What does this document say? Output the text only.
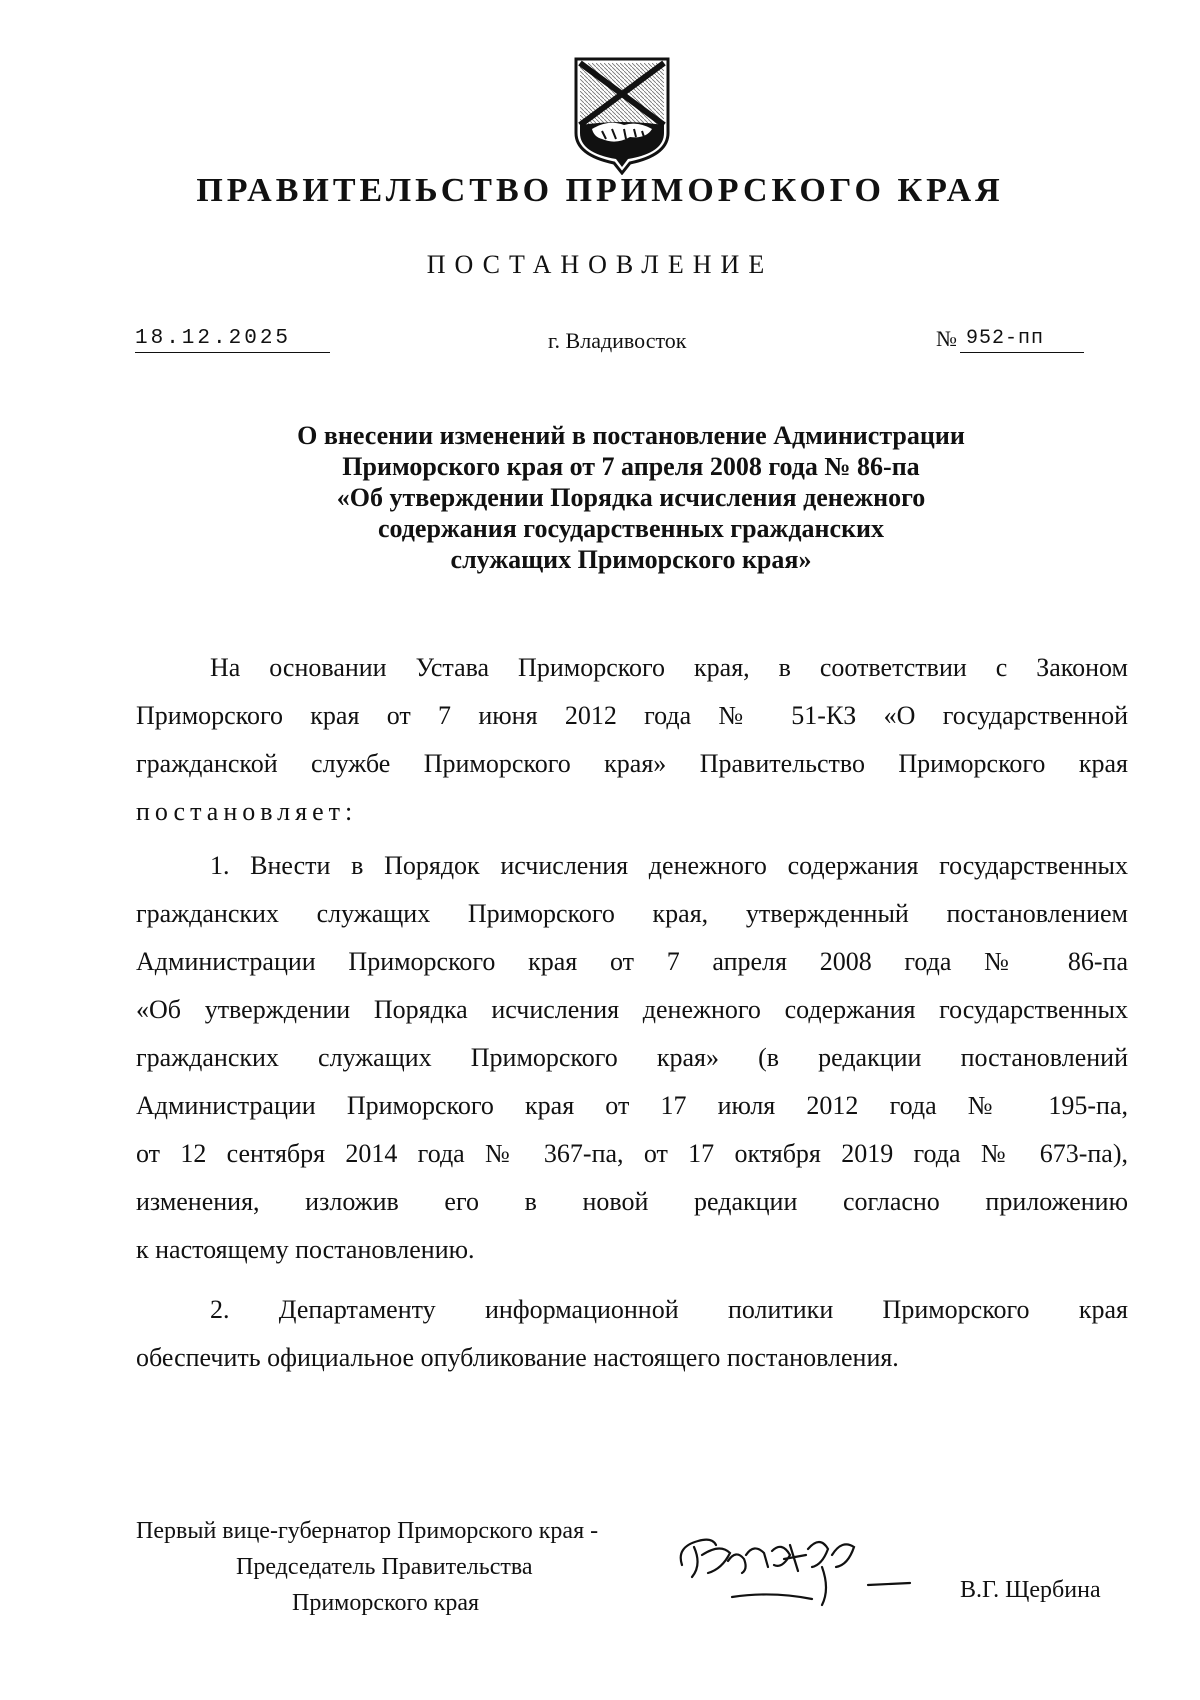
ПРАВИТЕЛЬСТВО ПРИМОРСКОГО КРАЯ
ПОСТАНОВЛЕНИЕ
18.12.2025	г. Владивосток	№ 952-пп
О внесении изменений в постановление Администрации
Приморского края от 7 апреля 2008 года № 86-па
«Об утверждении Порядка исчисления денежного
содержания государственных гражданских
служащих Приморского края»
На основании Устава Приморского края, в соответствии с Законом
Приморского края от 7 июня 2012 года № 51-КЗ «О государственной
гражданской службе Приморского края» Правительство Приморского края
постановляет:
1. Внести в Порядок исчисления денежного содержания государственных
гражданских служащих Приморского края, утвержденный постановлением
Администрации Приморского края от 7 апреля 2008 года № 86-па
«Об утверждении Порядка исчисления денежного содержания государственных
гражданских служащих Приморского края» (в редакции постановлений
Администрации Приморского края от 17 июля 2012 года № 195-па,
от 12 сентября 2014 года № 367-па, от 17 октября 2019 года № 673-па),
изменения, изложив его в новой редакции согласно приложению
к настоящему постановлению.
2. Департаменту информационной политики Приморского края
обеспечить официальное опубликование настоящего постановления.
Первый вице-губернатор Приморского края -
Председатель Правительства
Приморского края	В.Г. Щербина
